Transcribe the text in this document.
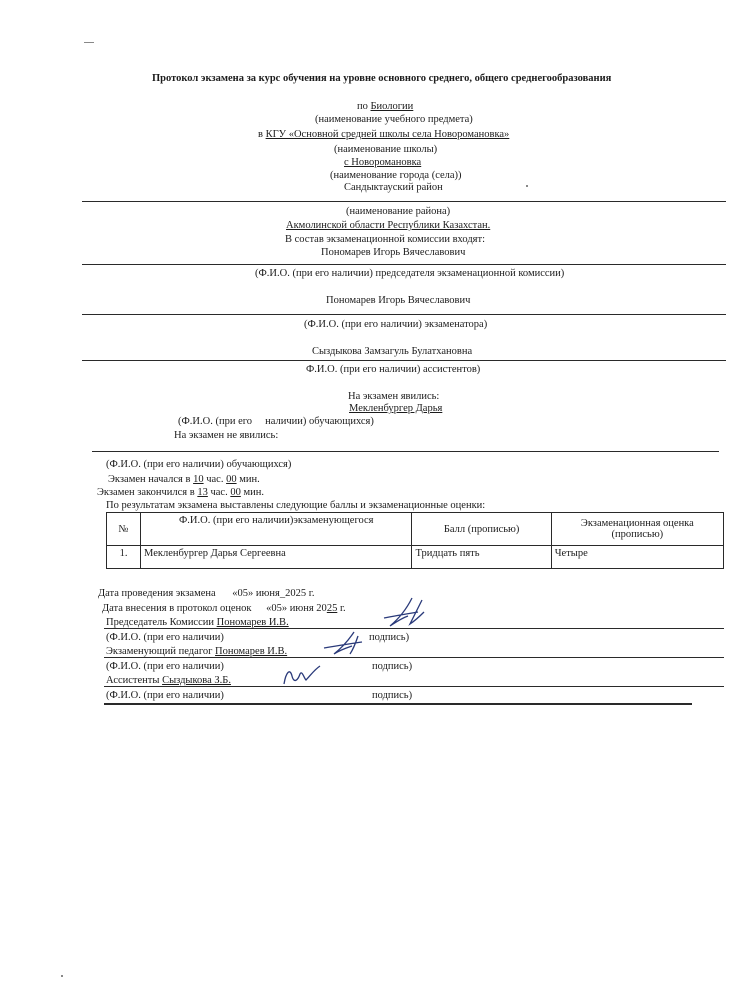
Протокол экзамена за курс обучения на уровне основного среднего, общего среднегообразования
по Биологии
(наименование учебного предмета)
в КГУ «Основной средней школы села Новоромановка»
(наименование школы)
с Новоромановка
(наименование города (села))
Сандыктауский район
(наименование района)
Акмолинской области Республики Казахстан.
В состав экзаменационной комиссии входят:
Пономарев Игорь Вячеславович
(Ф.И.О. (при его наличии) председателя экзаменационной комиссии)
Пономарев Игорь Вячеславович
(Ф.И.О. (при его наличии) экзаменатора)
Сыздыкова Замзагуль Булатхановна
Ф.И.О. (при его наличии) ассистентов)
На экзамен явились:
Мекленбургер Дарья
(Ф.И.О. (при его     наличии) обучающихся)
На экзамен не явились:
(Ф.И.О. (при его наличии) обучающихся)
Экзамен начался в 10 час. 00 мин.
Экзамен закончился в 13 час. 00 мин.
По результатам экзамена выставлены следующие баллы и экзаменационные оценки:
№	Ф.И.О. (при его наличии)экзаменующегося	Балл (прописью)	Экзаменационная оценка (прописью)
1.	Мекленбургер Дарья Сергеевна	Тридцать пять	Четыре
Дата проведения экзамена «05» июня_2025 г.
Дата внесения в протокол оценок «05» июня 2025 г.
Председатель Комиссии Пономарев И.В.
(Ф.И.О. (при его наличии)	подпись)
Экзаменующий педагог Пономарев И.В.
(Ф.И.О. (при его наличии)	подпись)
Ассистенты Сыздыкова З.Б.
(Ф.И.О. (при его наличии)	подпись)
